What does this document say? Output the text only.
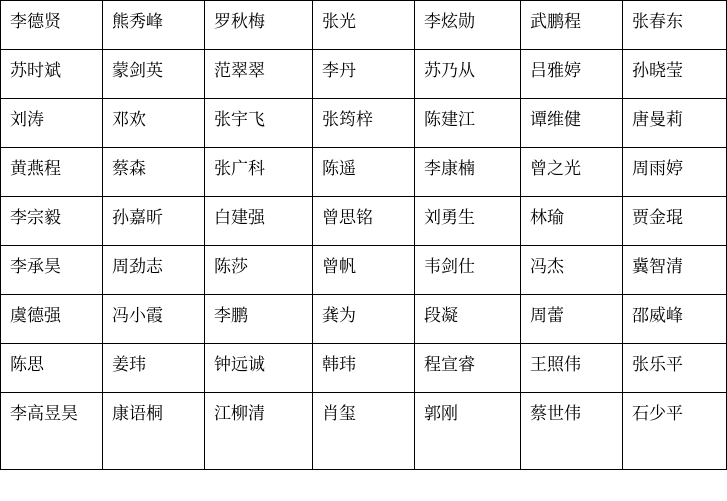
李德贤	熊秀峰	罗秋梅	张光	李炫勋	武鹏程	张春东
苏时斌	蒙剑英	范翠翠	李丹	苏乃从	吕雅婷	孙晓莹
刘涛	邓欢	张宇飞	张筠梓	陈建江	谭维健	唐曼莉
黄燕程	蔡森	张广科	陈遥	李康楠	曾之光	周雨婷
李宗毅	孙嘉昕	白建强	曾思铭	刘勇生	林瑜	贾金琨
李承昊	周劲志	陈莎	曾帆	韦剑仕	冯杰	冀智清
虞德强	冯小霞	李鹏	龚为	段凝	周蕾	邵威峰
陈思	姜玮	钟远诚	韩玮	程宣睿	王照伟	张乐平
李高昱昊	康语桐	江柳清	肖玺	郭刚	蔡世伟	石少平
